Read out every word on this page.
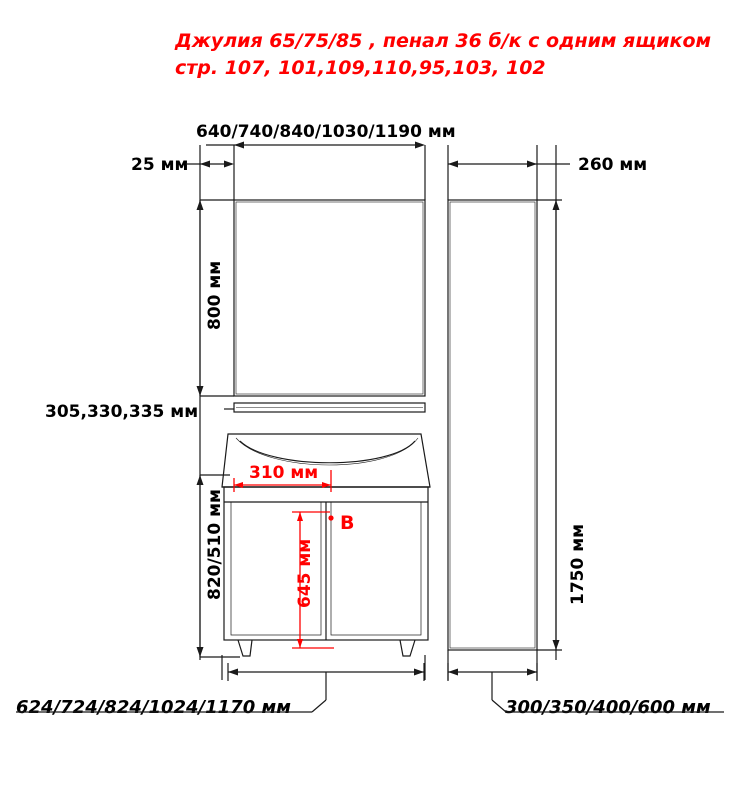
Джулия 65/75/85 , пенал 36 б/к с одним ящиком
стр. 107, 101,109,110,95,103, 102
640/740/840/1030/1190 мм
25 мм	260 мм
800 мм
305,330,335 мм
310 мм
820/510 мм	645 мм
В
1750 мм
624/724/824/1024/1170 мм	300/350/400/600 мм
